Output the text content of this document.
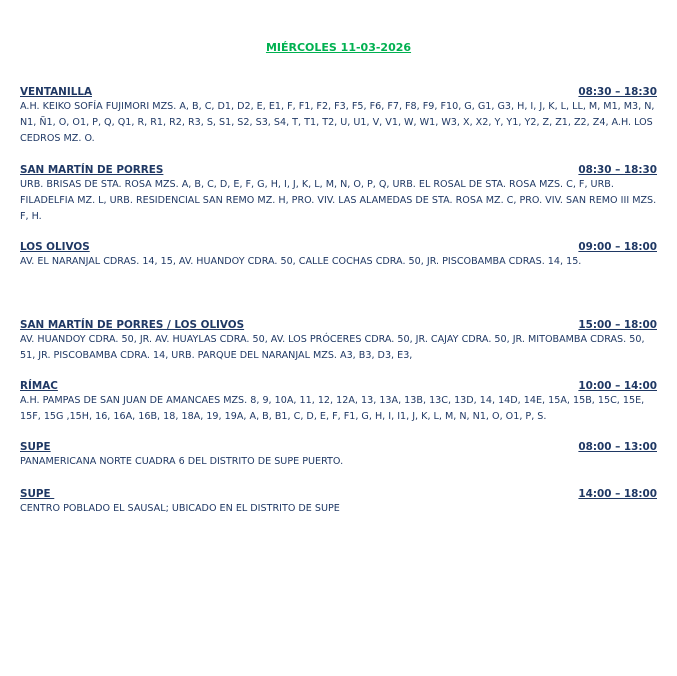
MIÉRCOLES 11-03-2026
VENTANILLA	08:30 – 18:30
A.H. KEIKO SOFÍA FUJIMORI MZS. A, B, C, D1, D2, E, E1, F, F1, F2, F3, F5, F6, F7, F8, F9, F10, G, G1, G3, H, I, J, K, L, LL, M, M1, M3, N, N1, Ñ1, O, O1, P, Q, Q1, R, R1, R2, R3, S, S1, S2, S3, S4, T, T1, T2, U, U1, V, V1, W, W1, W3, X, X2, Y, Y1, Y2, Z, Z1, Z2, Z4, A.H. LOS CEDROS MZ. O.
SAN MARTÍN DE PORRES	08:30 – 18:30
URB. BRISAS DE STA. ROSA MZS. A, B, C, D, E, F, G, H, I, J, K, L, M, N, O, P, Q, URB. EL ROSAL DE STA. ROSA MZS. C, F, URB. FILADELFIA MZ. L, URB. RESIDENCIAL SAN REMO MZ. H, PRO. VIV. LAS ALAMEDAS DE STA. ROSA MZ. C, PRO. VIV. SAN REMO III MZS. F, H.
LOS OLIVOS	09:00 – 18:00
AV. EL NARANJAL CDRAS. 14, 15, AV. HUANDOY CDRA. 50, CALLE COCHAS CDRA. 50, JR. PISCOBAMBA CDRAS. 14, 15.
SAN MARTÍN DE PORRES / LOS OLIVOS	15:00 – 18:00
AV. HUANDOY CDRA. 50, JR. AV. HUAYLAS CDRA. 50, AV. LOS PRÓCERES CDRA. 50, JR. CAJAY CDRA. 50, JR. MITOBAMBA CDRAS. 50, 51, JR. PISCOBAMBA CDRA. 14, URB. PARQUE DEL NARANJAL MZS. A3, B3, D3, E3,
RÍMAC	10:00 – 14:00
A.H. PAMPAS DE SAN JUAN DE AMANCAES MZS. 8, 9, 10A, 11, 12, 12A, 13, 13A, 13B, 13C, 13D, 14, 14D, 14E, 15A, 15B, 15C, 15E, 15F, 15G ,15H, 16, 16A, 16B, 18, 18A, 19, 19A, A, B, B1, C, D, E, F, F1, G, H, I, I1, J, K, L, M, N, N1, O, O1, P, S.
SUPE	08:00 – 13:00
PANAMERICANA NORTE CUADRA 6 DEL DISTRITO DE SUPE PUERTO.
SUPE	14:00 – 18:00
CENTRO POBLADO EL SAUSAL; UBICADO EN EL DISTRITO DE SUPE
